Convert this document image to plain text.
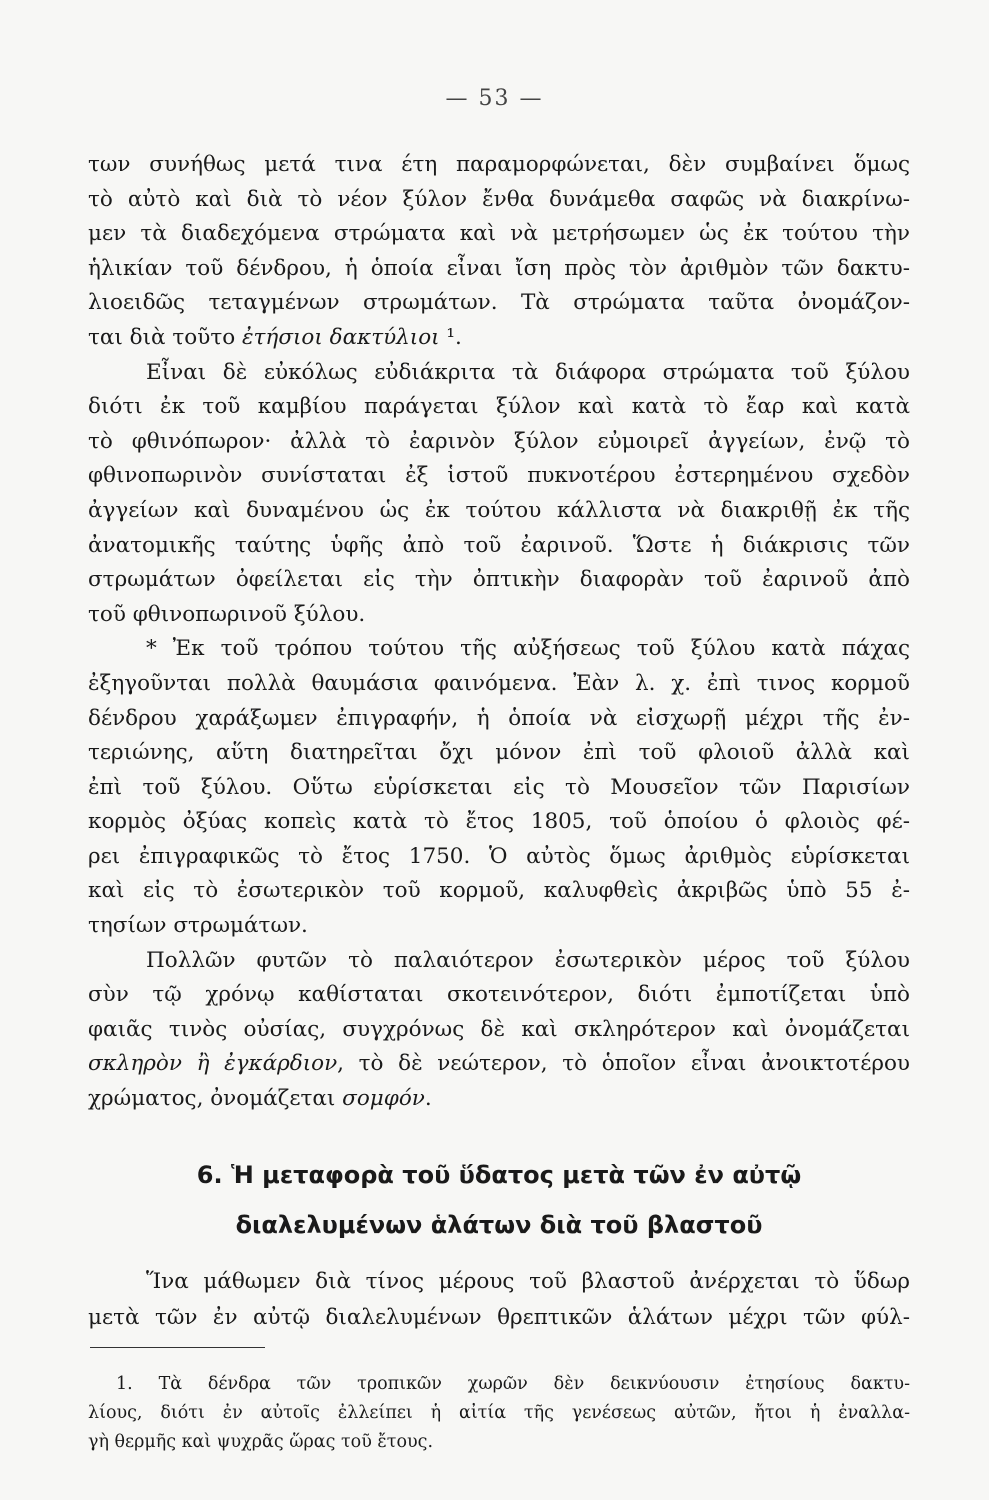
— 53 —

των συνήθως μετά τινα έτη παραμορφώνεται, δὲν συμβαίνει ὅμως
τὸ αὐτὸ καὶ διὰ τὸ νέον ξύλον ἔνθα δυνάμεθα σαφῶς νὰ διακρίνω-
μεν τὰ διαδεχόμενα στρώματα καὶ νὰ μετρήσωμεν ὡς ἐκ τούτου τὴν
ἡλικίαν τοῦ δένδρου, ἡ ὁποία εἶναι ἴση πρὸς τὸν ἀριθμὸν τῶν δακτυ-
λιοειδῶς τεταγμένων στρωμάτων. Τὰ στρώματα ταῦτα ὀνομάζον-
ται διὰ τοῦτο ἐτήσιοι δακτύλιοι ¹.

Εἶναι δὲ εὐκόλως εὐδιάκριτα τὰ διάφορα στρώματα τοῦ ξύλου
διότι ἐκ τοῦ καμβίου παράγεται ξύλον καὶ κατὰ τὸ ἔαρ καὶ κατὰ
τὸ φθινόπωρον· ἀλλὰ τὸ ἐαρινὸν ξύλον εὐμοιρεῖ ἀγγείων, ἐνῷ τὸ
φθινοπωρινὸν συνίσταται ἐξ ἱστοῦ πυκνοτέρου ἐστερημένου σχεδὸν
ἀγγείων καὶ δυναμένου ὡς ἐκ τούτου κάλλιστα νὰ διακριθῇ ἐκ τῆς
ἀνατομικῆς ταύτης ὑφῆς ἀπὸ τοῦ ἐαρινοῦ. Ὥστε ἡ διάκρισις τῶν
στρωμάτων ὀφείλεται εἰς τὴν ὀπτικὴν διαφορὰν τοῦ ἐαρινοῦ ἀπὸ
τοῦ φθινοπωρινοῦ ξύλου.

* Ἐκ τοῦ τρόπου τούτου τῆς αὐξήσεως τοῦ ξύλου κατὰ πάχας
ἐξηγοῦνται πολλὰ θαυμάσια φαινόμενα. Ἐὰν λ. χ. ἐπὶ τινος κορμοῦ
δένδρου χαράξωμεν ἐπιγραφήν, ἡ ὁποία νὰ εἰσχωρῇ μέχρι τῆς ἐν-
τεριώνης, αὕτη διατηρεῖται ὄχι μόνον ἐπὶ τοῦ φλοιοῦ ἀλλὰ καὶ
ἐπὶ τοῦ ξύλου. Οὕτω εὑρίσκεται εἰς τὸ Μουσεῖον τῶν Παρισίων
κορμὸς ὀξύας κοπεὶς κατὰ τὸ ἔτος 1805, τοῦ ὁποίου ὁ φλοιὸς φέ-
ρει ἐπιγραφικῶς τὸ ἔτος 1750. Ὁ αὐτὸς ὅμως ἀριθμὸς εὑρίσκεται
καὶ εἰς τὸ ἐσωτερικὸν τοῦ κορμοῦ, καλυφθεὶς ἀκριβῶς ὑπὸ 55 ἐ-
τησίων στρωμάτων.

Πολλῶν φυτῶν τὸ παλαιότερον ἐσωτερικὸν μέρος τοῦ ξύλου
σὺν τῷ χρόνῳ καθίσταται σκοτεινότερον, διότι ἐμποτίζεται ὑπὸ
φαιᾶς τινὸς οὐσίας, συγχρόνως δὲ καὶ σκληρότερον καὶ ὀνομάζεται
σκληρὸν ἢ ἐγκάρδιον, τὸ δὲ νεώτερον, τὸ ὁποῖον εἶναι ἀνοικτοτέρου
χρώματος, ὀνομάζεται σομφόν.

6. Ἡ μεταφορὰ τοῦ ὕδατος μετὰ τῶν ἐν αὐτῷ
διαλελυμένων ἁλάτων διὰ τοῦ βλαστοῦ
Ἵνα μάθωμεν διὰ τίνος μέρους τοῦ βλαστοῦ ἀνέρχεται τὸ ὕδωρ
μετὰ τῶν ἐν αὐτῷ διαλελυμένων θρεπτικῶν ἁλάτων μέχρι τῶν φύλ-
1. Τὰ δένδρα τῶν τροπικῶν χωρῶν δὲν δεικνύουσιν ἐτησίους δακτυ-
λίους, διότι ἐν αὐτοῖς ἐλλείπει ἡ αἰτία τῆς γενέσεως αὐτῶν, ἤτοι ἡ ἐναλλα-
γὴ θερμῆς καὶ ψυχρᾶς ὥρας τοῦ ἔτους.
